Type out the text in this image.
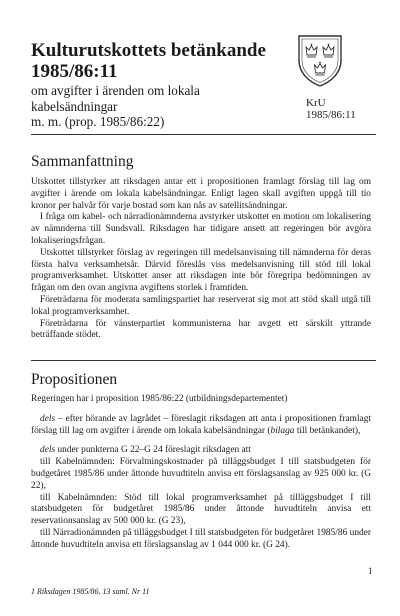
Kulturutskottets betänkande
1985/86:11

om avgifter i ärenden om lokala kabelsändningar
m. m. (prop. 1985/86:22)

KrU
1985/86:11
Sammanfattning

Utskottet tillstyrker att riksdagen antar ett i propositionen framlagt förslag till lag om avgifter i ärende om lokala kabelsändningar. Enligt lagen skall avgiften uppgå till tio kronor per halvår för varje bostad som kan nås av satellitsändningar.

I fråga om kabel- och närradionämnderna avstyrker utskottet en motion om lokalisering av nämnderna till Sundsvall. Riksdagen har tidigare ansett att regeringen bör avgöra lokaliseringsfrågan.

Utskottet tillstyrker förslag av regeringen till medelsanvisning till nämnderna för deras första halva verksamhetsår. Därvid föreslås viss medelsanvisning till stöd till lokal programverksamhet. Utskottet anser att riksdagen inte bör föregripa bedömningen av frågan om den ovan angivna avgiftens storlek i framtiden.

Företrädarna för moderata samlingspartiet har reserverat sig mot att stöd skall utgå till lokal programverksamhet.

Företrädarna för vänsterpartiet kommunisterna har avgett ett särskilt yttrande beträffande stödet.

Propositionen

Regeringen har i proposition 1985/86:22 (utbildningsdepartementet)

dels – efter hörande av lagrådet – föreslagit riksdagen att anta i propositionen framlagt förslag till lag om avgifter i ärende om lokala kabelsändningar (bilaga till betänkandet),

dels under punkterna G 22–G 24 föreslagit riksdagen att

till Kabelnämnden: Förvaltningskostnader på tilläggsbudget I till statsbudgeten för budgetåret 1985/86 under åttonde huvudtiteln anvisa ett förslagsanslag av 925 000 kr. (G 22),

till Kabelnämnden: Stöd till lokal programverksamhet på tilläggsbudget I till statsbudgeten för budgetåret 1985/86 under åttonde huvudtiteln anvisa ett reservationsanslag av 500 000 kr. (G 23),

till Närradionämnden på tilläggsbudget I till statsbudgeten för budgetåret 1985/86 under åttonde huvudtiteln anvisa ett förslagsanslag av 1 044 000 kr. (G 24).

1
1 Riksdagen 1985/86. 13 saml. Nr 11
